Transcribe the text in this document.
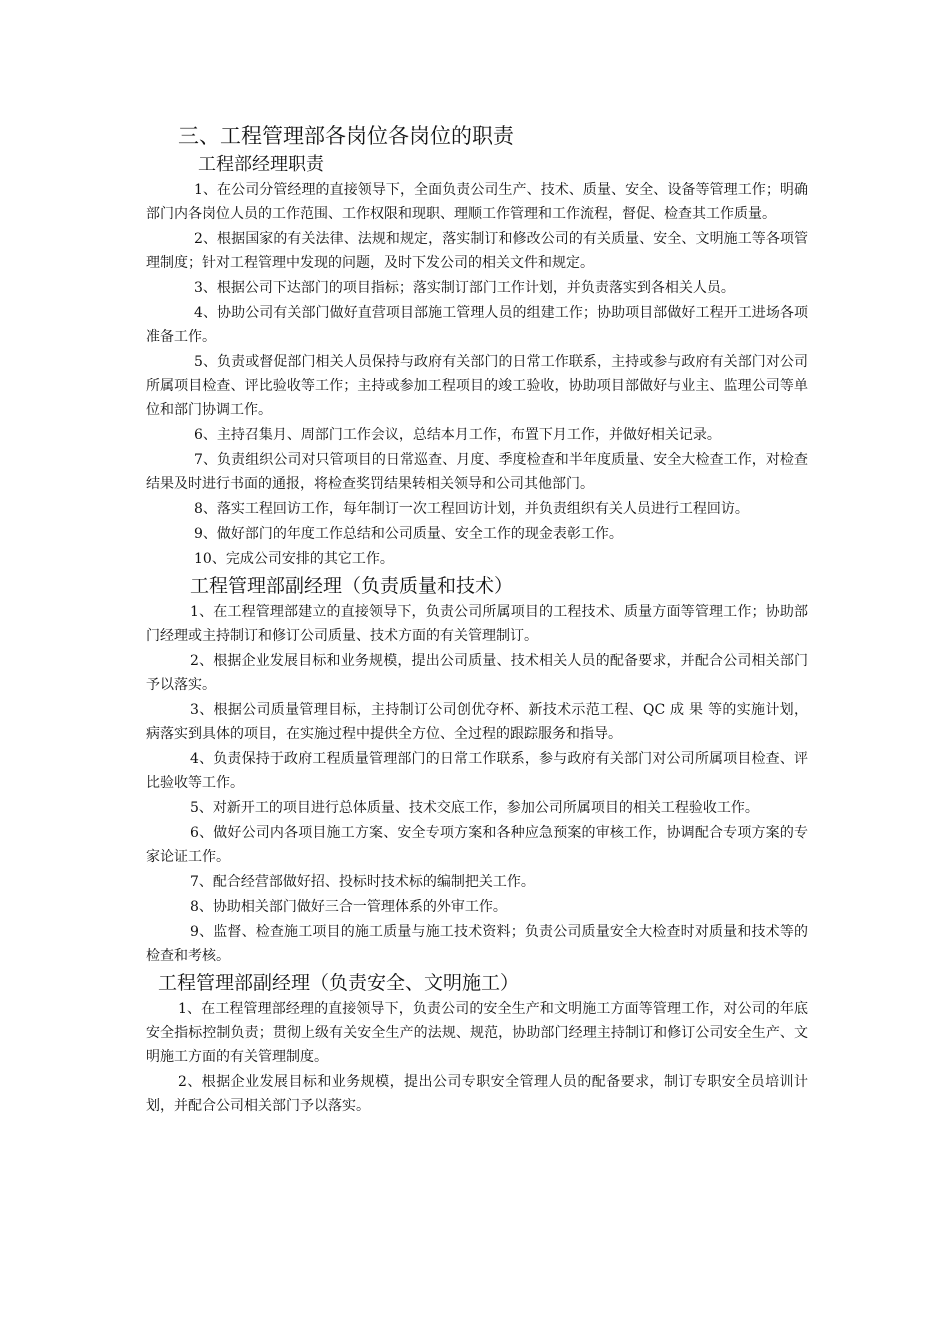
三、工程管理部各岗位各岗位的职责
工程部经理职责

1、在公司分管经理的直接领导下，全面负责公司生产、技术、质量、安全、设备等管理工作；明确部门内各岗位人员的工作范围、工作权限和现职、理顺工作管理和工作流程，督促、检查其工作质量。

2、根据国家的有关法律、法规和规定，落实制订和修改公司的有关质量、安全、文明施工等各项管理制度；针对工程管理中发现的问题，及时下发公司的相关文件和规定。

3、根据公司下达部门的项目指标；落实制订部门工作计划，并负责落实到各相关人员。

4、协助公司有关部门做好直营项目部施工管理人员的组建工作；协助项目部做好工程开工进场各项准备工作。

5、负责或督促部门相关人员保持与政府有关部门的日常工作联系，主持或参与政府有关部门对公司所属项目检查、评比验收等工作；主持或参加工程项目的竣工验收，协助项目部做好与业主、监理公司等单位和部门协调工作。

6、主持召集月、周部门工作会议，总结本月工作，布置下月工作，并做好相关记录。

7、负责组织公司对只管项目的日常巡查、月度、季度检查和半年度质量、安全大检查工作，对检查结果及时进行书面的通报，将检查奖罚结果转相关领导和公司其他部门。

8、落实工程回访工作，每年制订一次工程回访计划，并负责组织有关人员进行工程回访。

9、做好部门的年度工作总结和公司质量、安全工作的现金表彰工作。

10、完成公司安排的其它工作。

工程管理部副经理（负责质量和技术）

1、在工程管理部建立的直接领导下，负责公司所属项目的工程技术、质量方面等管理工作；协助部门经理或主持制订和修订公司质量、技术方面的有关管理制订。

2、根据企业发展目标和业务规模，提出公司质量、技术相关人员的配备要求，并配合公司相关部门予以落实。

3、根据公司质量管理目标，主持制订公司创优夺杯、新技术示范工程、QC 成 果 等的实施计划，病落实到具体的项目，在实施过程中提供全方位、全过程的跟踪服务和指导。

4、负责保持于政府工程质量管理部门的日常工作联系，参与政府有关部门对公司所属项目检查、评比验收等工作。

5、对新开工的项目进行总体质量、技术交底工作，参加公司所属项目的相关工程验收工作。

6、做好公司内各项目施工方案、安全专项方案和各种应急预案的审核工作，协调配合专项方案的专家论证工作。

7、配合经营部做好招、投标时技术标的编制把关工作。

8、协助相关部门做好三合一管理体系的外审工作。

9、监督、检查施工项目的施工质量与施工技术资料；负责公司质量安全大检查时对质量和技术等的检查和考核。

工程管理部副经理（负责安全、文明施工）

1、在工程管理部经理的直接领导下，负责公司的安全生产和文明施工方面等管理工作，对公司的年底安全指标控制负责；贯彻上级有关安全生产的法规、规范，协助部门经理主持制订和修订公司安全生产、文明施工方面的有关管理制度。

2、根据企业发展目标和业务规模，提出公司专职安全管理人员的配备要求，制订专职安全员培训计划，并配合公司相关部门予以落实。
